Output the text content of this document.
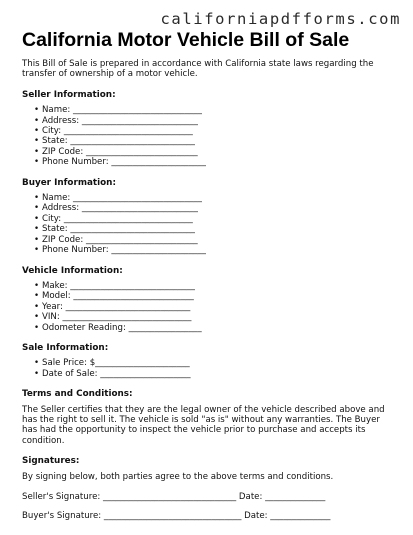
californiapdfforms.com
California Motor Vehicle Bill of Sale

This Bill of Sale is prepared in accordance with California state laws regarding the transfer of ownership of a motor vehicle.

Seller Information:

• Name: ______________________________
• Address: ___________________________
• City: ______________________________
• State: _____________________________
• ZIP Code: __________________________
• Phone Number: ______________________

Buyer Information:

• Name: ______________________________
• Address: ___________________________
• City: ______________________________
• State: _____________________________
• ZIP Code: __________________________
• Phone Number: ______________________

Vehicle Information:

• Make: _____________________________
• Model: ____________________________
• Year: _____________________________
• VIN: ______________________________
• Odometer Reading: _________________

Sale Information:

• Sale Price: $______________________
• Date of Sale: _____________________

Terms and Conditions:

The Seller certifies that they are the legal owner of the vehicle described above and has the right to sell it. The vehicle is sold "as is" without any warranties. The Buyer has had the opportunity to inspect the vehicle prior to purchase and accepts its condition.

Signatures:

By signing below, both parties agree to the above terms and conditions.

Seller's Signature: _______________________________ Date: ______________

Buyer's Signature: ________________________________ Date: ______________
